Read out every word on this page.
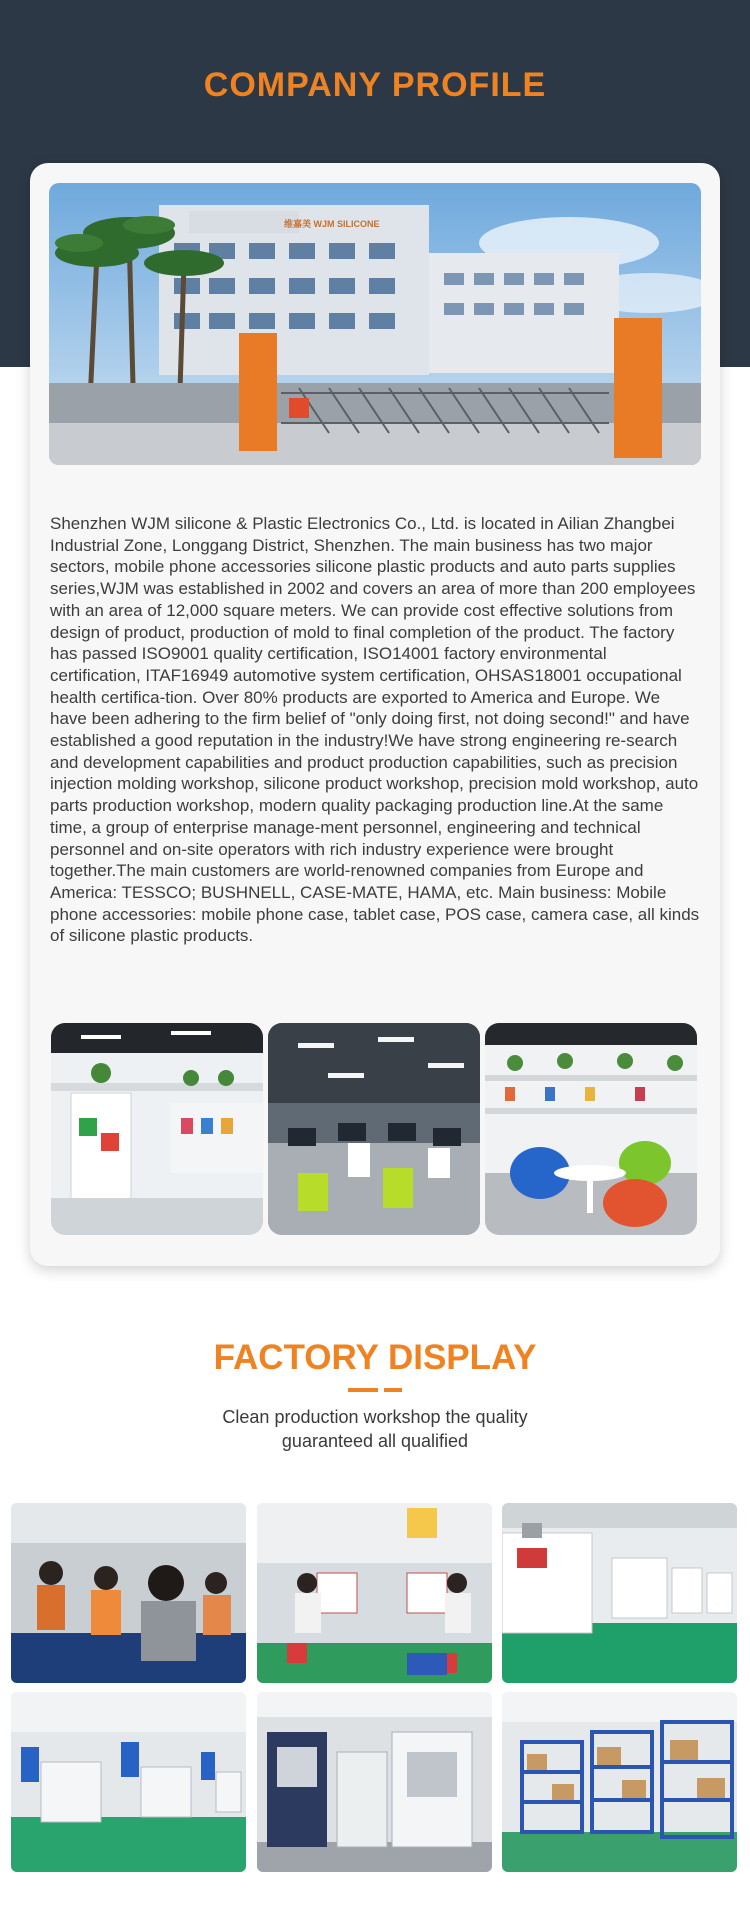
COMPANY PROFILE
维嘉美 WJM SILICONE
Shenzhen WJM silicone & Plastic Electronics Co., Ltd. is located in Ailian Zhangbei Industrial Zone, Longgang District, Shenzhen. The main business has two major sectors, mobile phone accessories silicone plastic products and auto parts supplies series,WJM was established in 2002 and covers an area of more than 200 employees with an area of 12,000 square meters. We can provide cost effective solutions from design of product, production of mold to final completion of the product. The factory has passed ISO9001 quality certification, ISO14001 factory environmental certification, ITAF16949 automotive system certification, OHSAS18001 occupational health certifica-tion. Over 80% products are exported to America and Europe. We have been adhering to the firm belief of "only doing first, not doing second!" and have established a good reputation in the industry!We have strong engineering re-search and development capabilities and product production capabilities, such as precision injection molding workshop, silicone product workshop, precision mold workshop, auto parts production workshop, modern quality packaging production line.At the same time, a group of enterprise manage-ment personnel, engineering and technical personnel and on-site operators with rich industry experience were brought together.The main customers are world-renowned companies from Europe and America: TESSCO; BUSHNELL, CASE-MATE, HAMA, etc. Main business: Mobile phone accessories: mobile phone case, tablet case, POS case, camera case, all kinds of silicone plastic products.
FACTORY DISPLAY
Clean production workshop the quality
guaranteed all qualified
